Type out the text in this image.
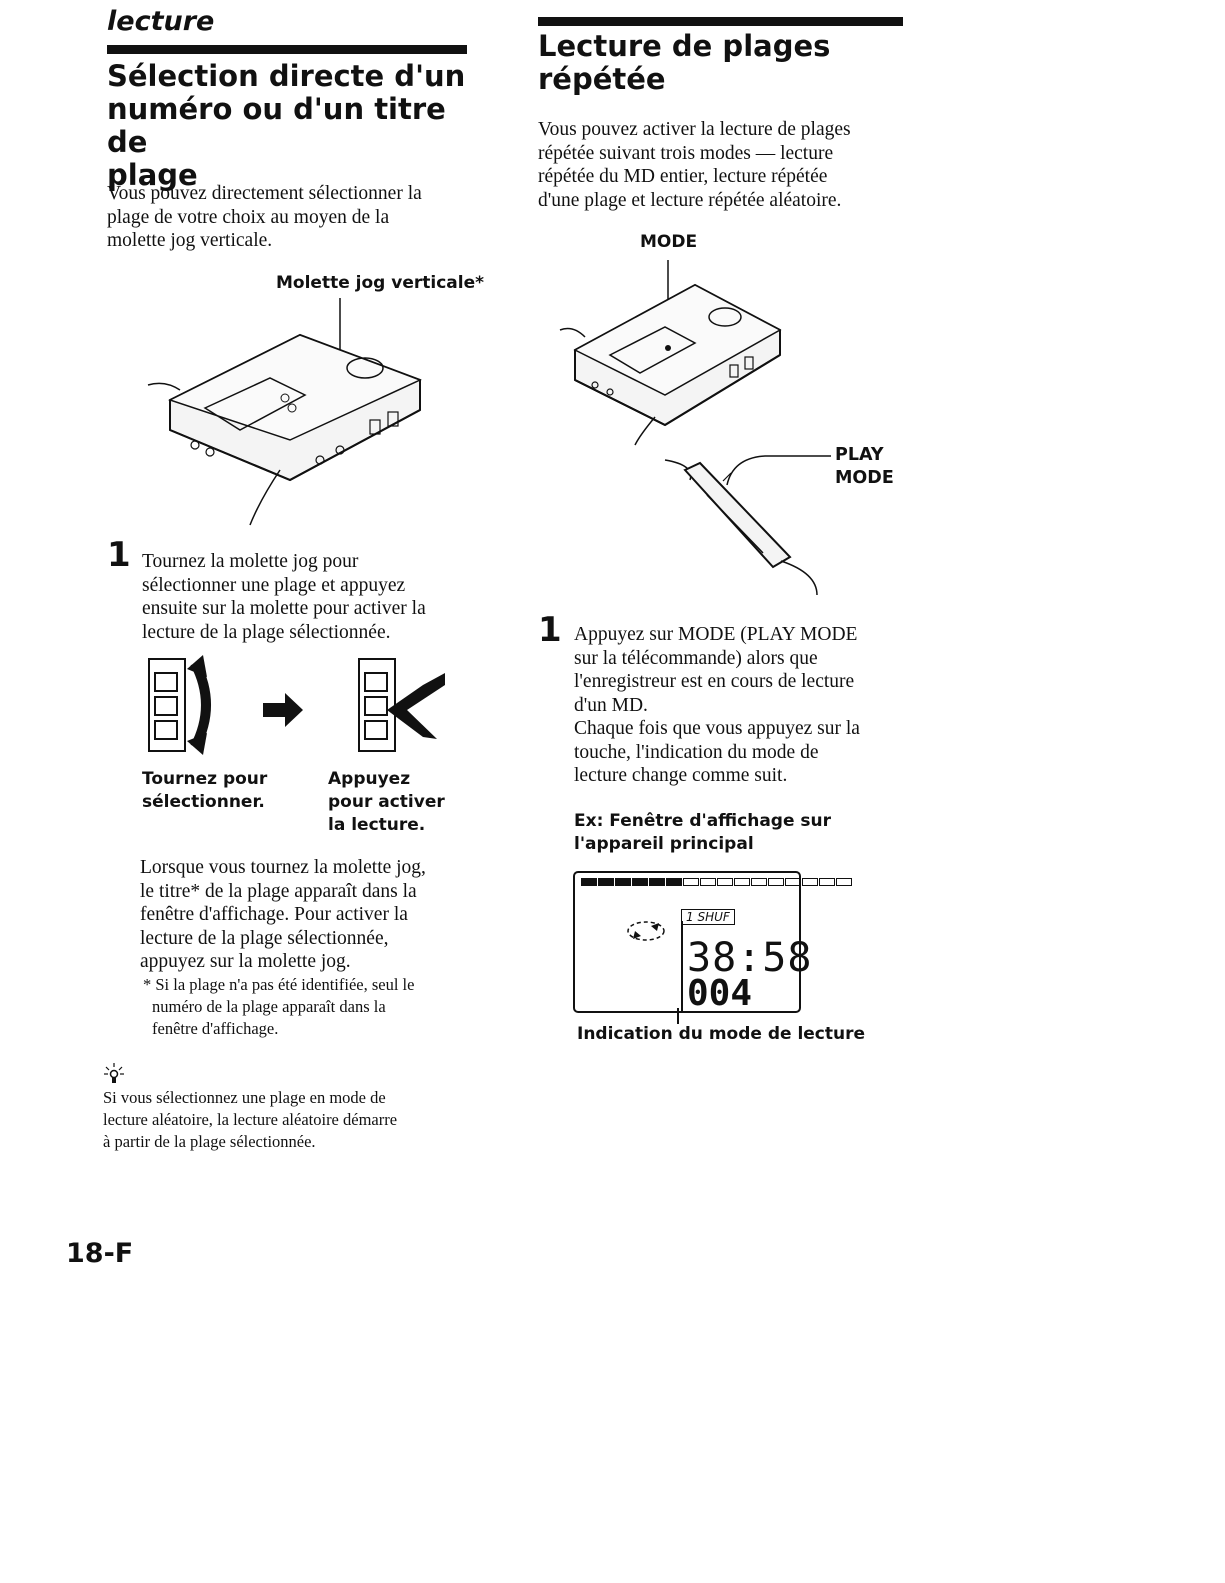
lecture
Sélection directe d'un
numéro ou d'un titre de
plage
Vous pouvez directement sélectionner la
plage de votre choix au moyen de la
molette jog verticale.
Molette jog verticale*
1 Tournez la molette jog pour
sélectionner une plage et appuyez
ensuite sur la molette pour activer la
lecture de la plage sélectionnée.
Tournez pour
sélectionner.
Appuyez
pour activer
la lecture.
Lorsque vous tournez la molette jog,
le titre* de la plage apparaît dans la
fenêtre d'affichage. Pour activer la
lecture de la plage sélectionnée,
appuyez sur la molette jog.
* Si la plage n'a pas été identifiée, seul le
numéro de la plage apparaît dans la
fenêtre d'affichage.
Si vous sélectionnez une plage en mode de
lecture aléatoire, la lecture aléatoire démarre
à partir de la plage sélectionnée.
18-F
Lecture de plages
répétée
Vous pouvez activer la lecture de plages
répétée suivant trois modes — lecture
répétée du MD entier, lecture répétée
d'une plage et lecture répétée aléatoire.
MODE
PLAY
MODE
1 Appuyez sur MODE (PLAY MODE
sur la télécommande) alors que
l'enregistreur est en cours de lecture
d'un MD.
Chaque fois que vous appuyez sur la
touche, l'indication du mode de
lecture change comme suit.
Ex: Fenêtre d'affichage sur
l'appareil principal
1 SHUF
38:58
004
Indication du mode de lecture
